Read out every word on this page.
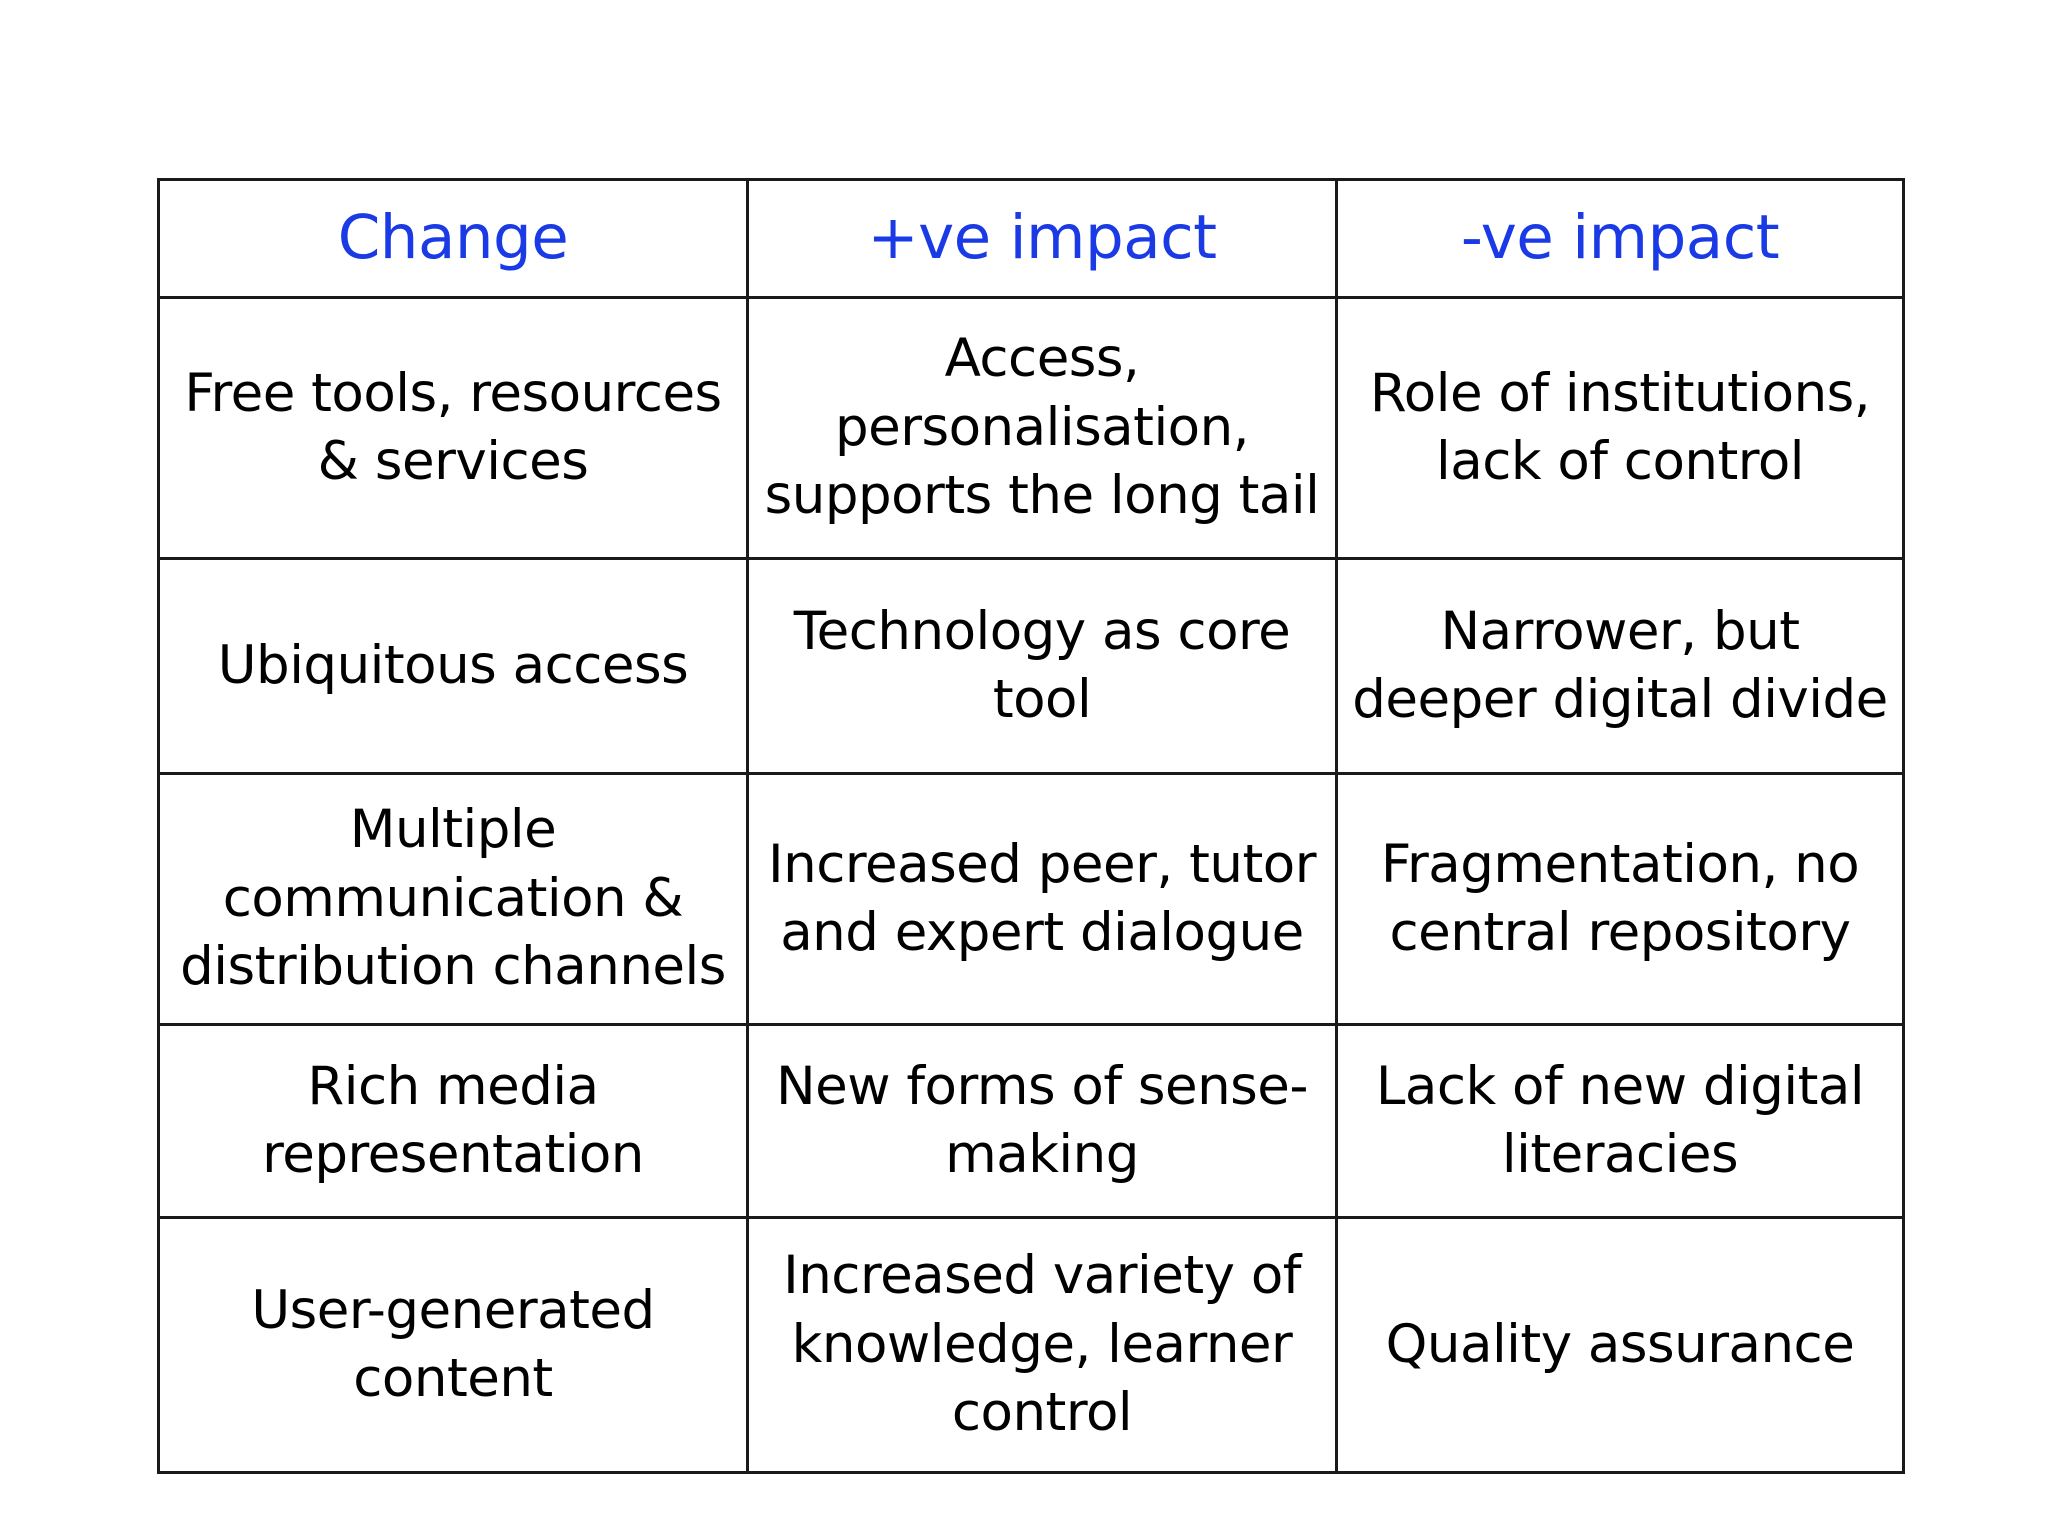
Change	+ve impact	-ve impact
Free tools, resources & services	Access, personalisation, supports the long tail	Role of institutions, lack of control
Ubiquitous access	Technology as core tool	Narrower, but deeper digital divide
Multiple communication & distribution channels	Increased peer, tutor and expert dialogue	Fragmentation, no central repository
Rich media representation	New forms of sense-making	Lack of new digital literacies
User-generated content	Increased variety of knowledge, learner control	Quality assurance
